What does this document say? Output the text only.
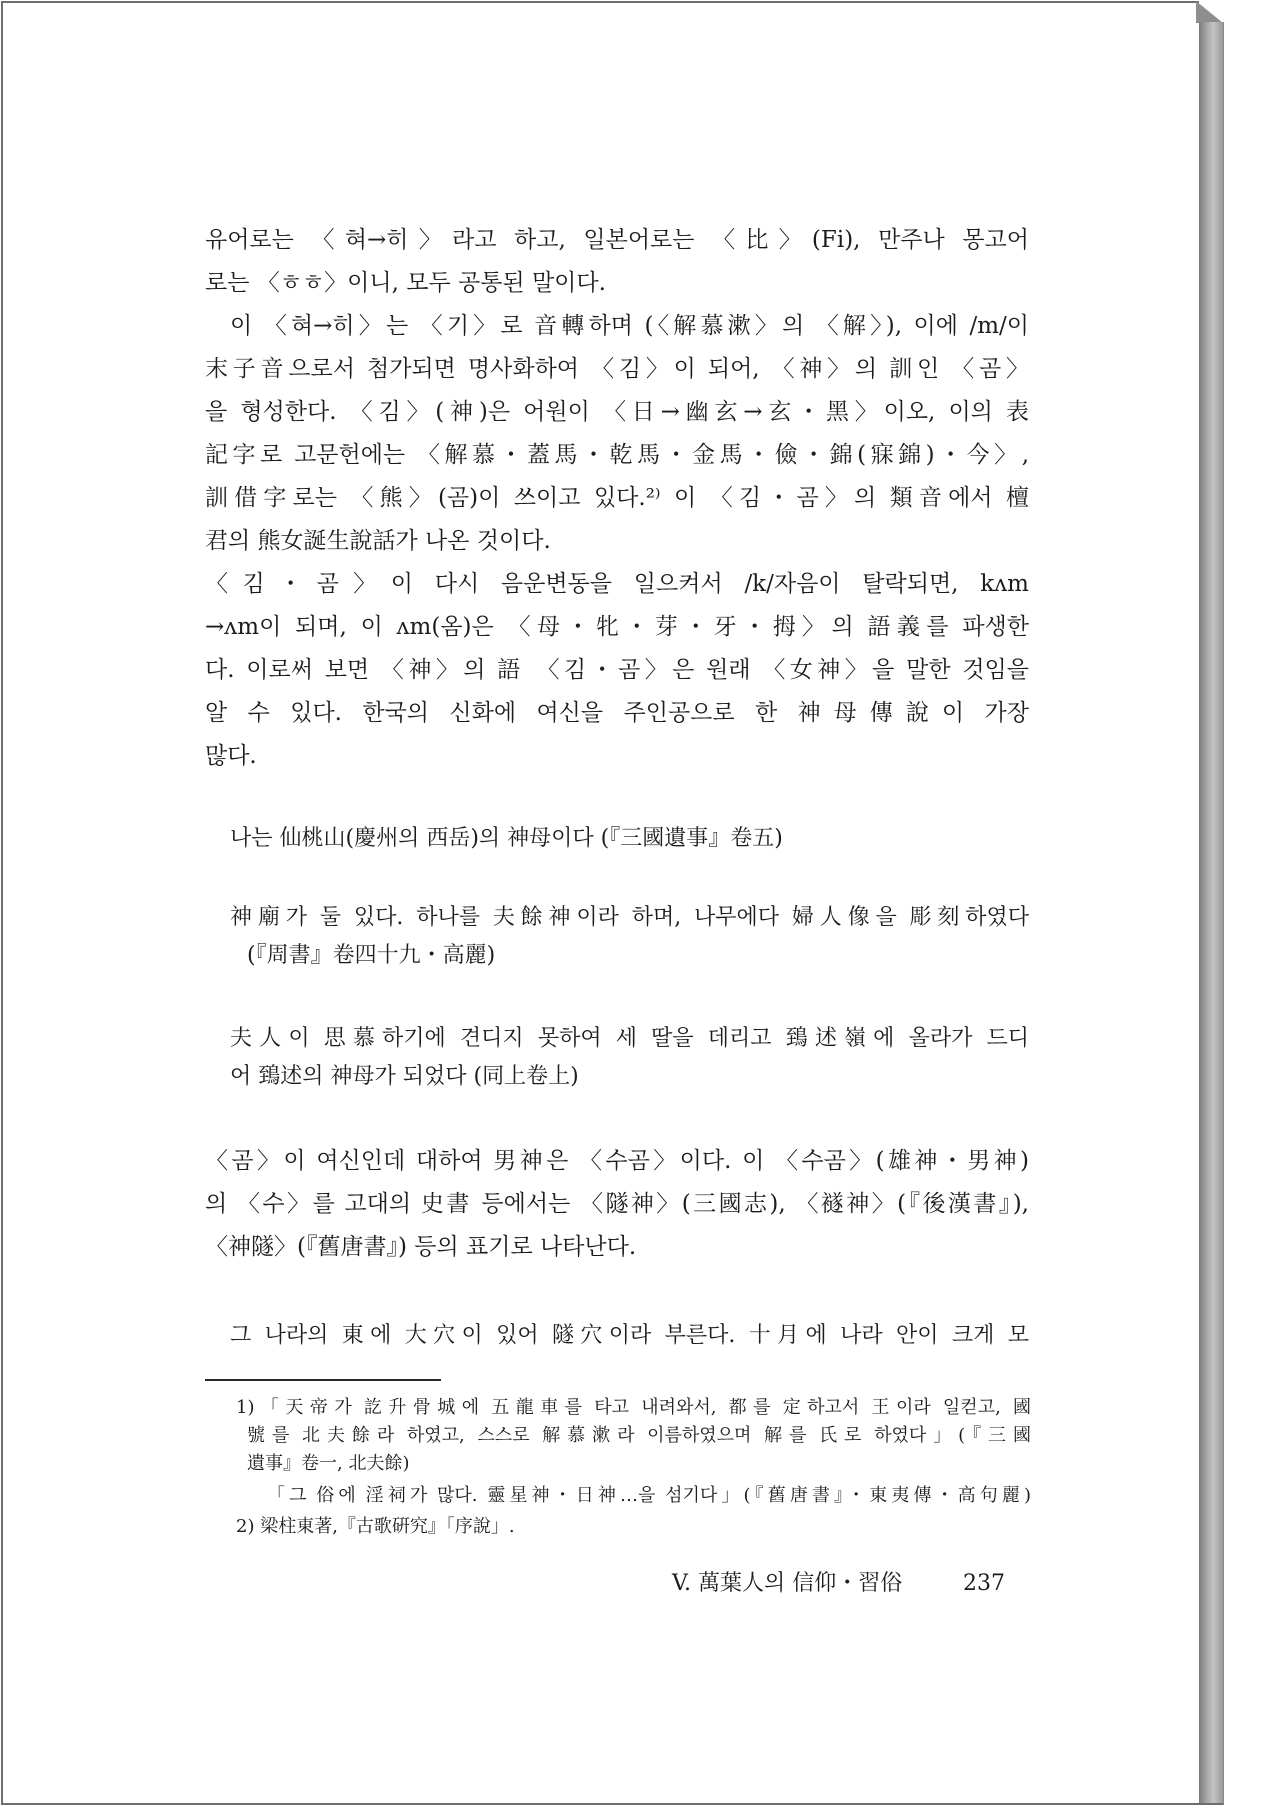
유어로는 〈혀→히〉라고 하고, 일본어로는 〈比〉(Fi), 만주나 몽고어
로는 〈ㅎㅎ〉이니, 모두 공통된 말이다.
이 〈혀→히〉는 〈기〉로 音轉하며 (〈解慕漱〉의 〈解〉), 이에 /m/이
末子音으로서 첨가되면 명사화하여 〈김〉이 되어, 〈神〉의 訓인 〈곰〉
을 형성한다. 〈김〉(神)은 어원이 〈日→幽玄→玄・黑〉이오, 이의 表
記字로 고문헌에는 〈解慕・蓋馬・乾馬・金馬・儉・錦(寐錦)・今〉,
訓借字로는 〈熊〉(곰)이 쓰이고 있다.²⁾ 이 〈김・곰〉의 類音에서 檀
君의 熊女誕生說話가 나온 것이다.
〈김・곰〉이 다시 음운변동을 일으켜서 /k/자음이 탈락되면, kʌm
→ʌm이 되며, 이 ʌm(옴)은 〈母・牝・芽・牙・拇〉의 語義를 파생한
다. 이로써 보면 〈神〉의 語 〈김・곰〉은 원래 〈女神〉을 말한 것임을
알 수 있다. 한국의 신화에 여신을 주인공으로 한 神母傳說이 가장
많다.
나는 仙桃山(慶州의 西岳)의 神母이다 (『三國遺事』卷五)
神廟가 둘 있다. 하나를 夫餘神이라 하며, 나무에다 婦人像을 彫刻하였다
(『周書』卷四十九・高麗)
夫人이 思慕하기에 견디지 못하여 세 딸을 데리고 鵄述嶺에 올라가 드디
어 鵄述의 神母가 되었다 (同上卷上)
〈곰〉이 여신인데 대하여 男神은 〈수곰〉이다. 이 〈수곰〉(雄神・男神)
의 〈수〉를 고대의 史書 등에서는 〈隧神〉(三國志), 〈襚神〉(『後漢書』),
〈神隧〉(『舊唐書』) 등의 표기로 나타난다.
그 나라의 東에 大穴이 있어 隧穴이라 부른다. 十月에 나라 안이 크게 모
1)「天帝가 訖升骨城에 五龍車를 타고 내려와서, 都를 定하고서 王이라 일컫고, 國
號를 北夫餘라 하였고, 스스로 解慕漱라 이름하였으며 解를 氏로 하였다」(『三國
遺事』卷一, 北夫餘)
「그 俗에 淫祠가 많다. 靈星神・日神…을 섬기다」(『舊唐書』・東夷傳・高句麗)
2) 梁柱東著,『古歌硏究』「序說」.
V. 萬葉人의 信仰・習俗	237
